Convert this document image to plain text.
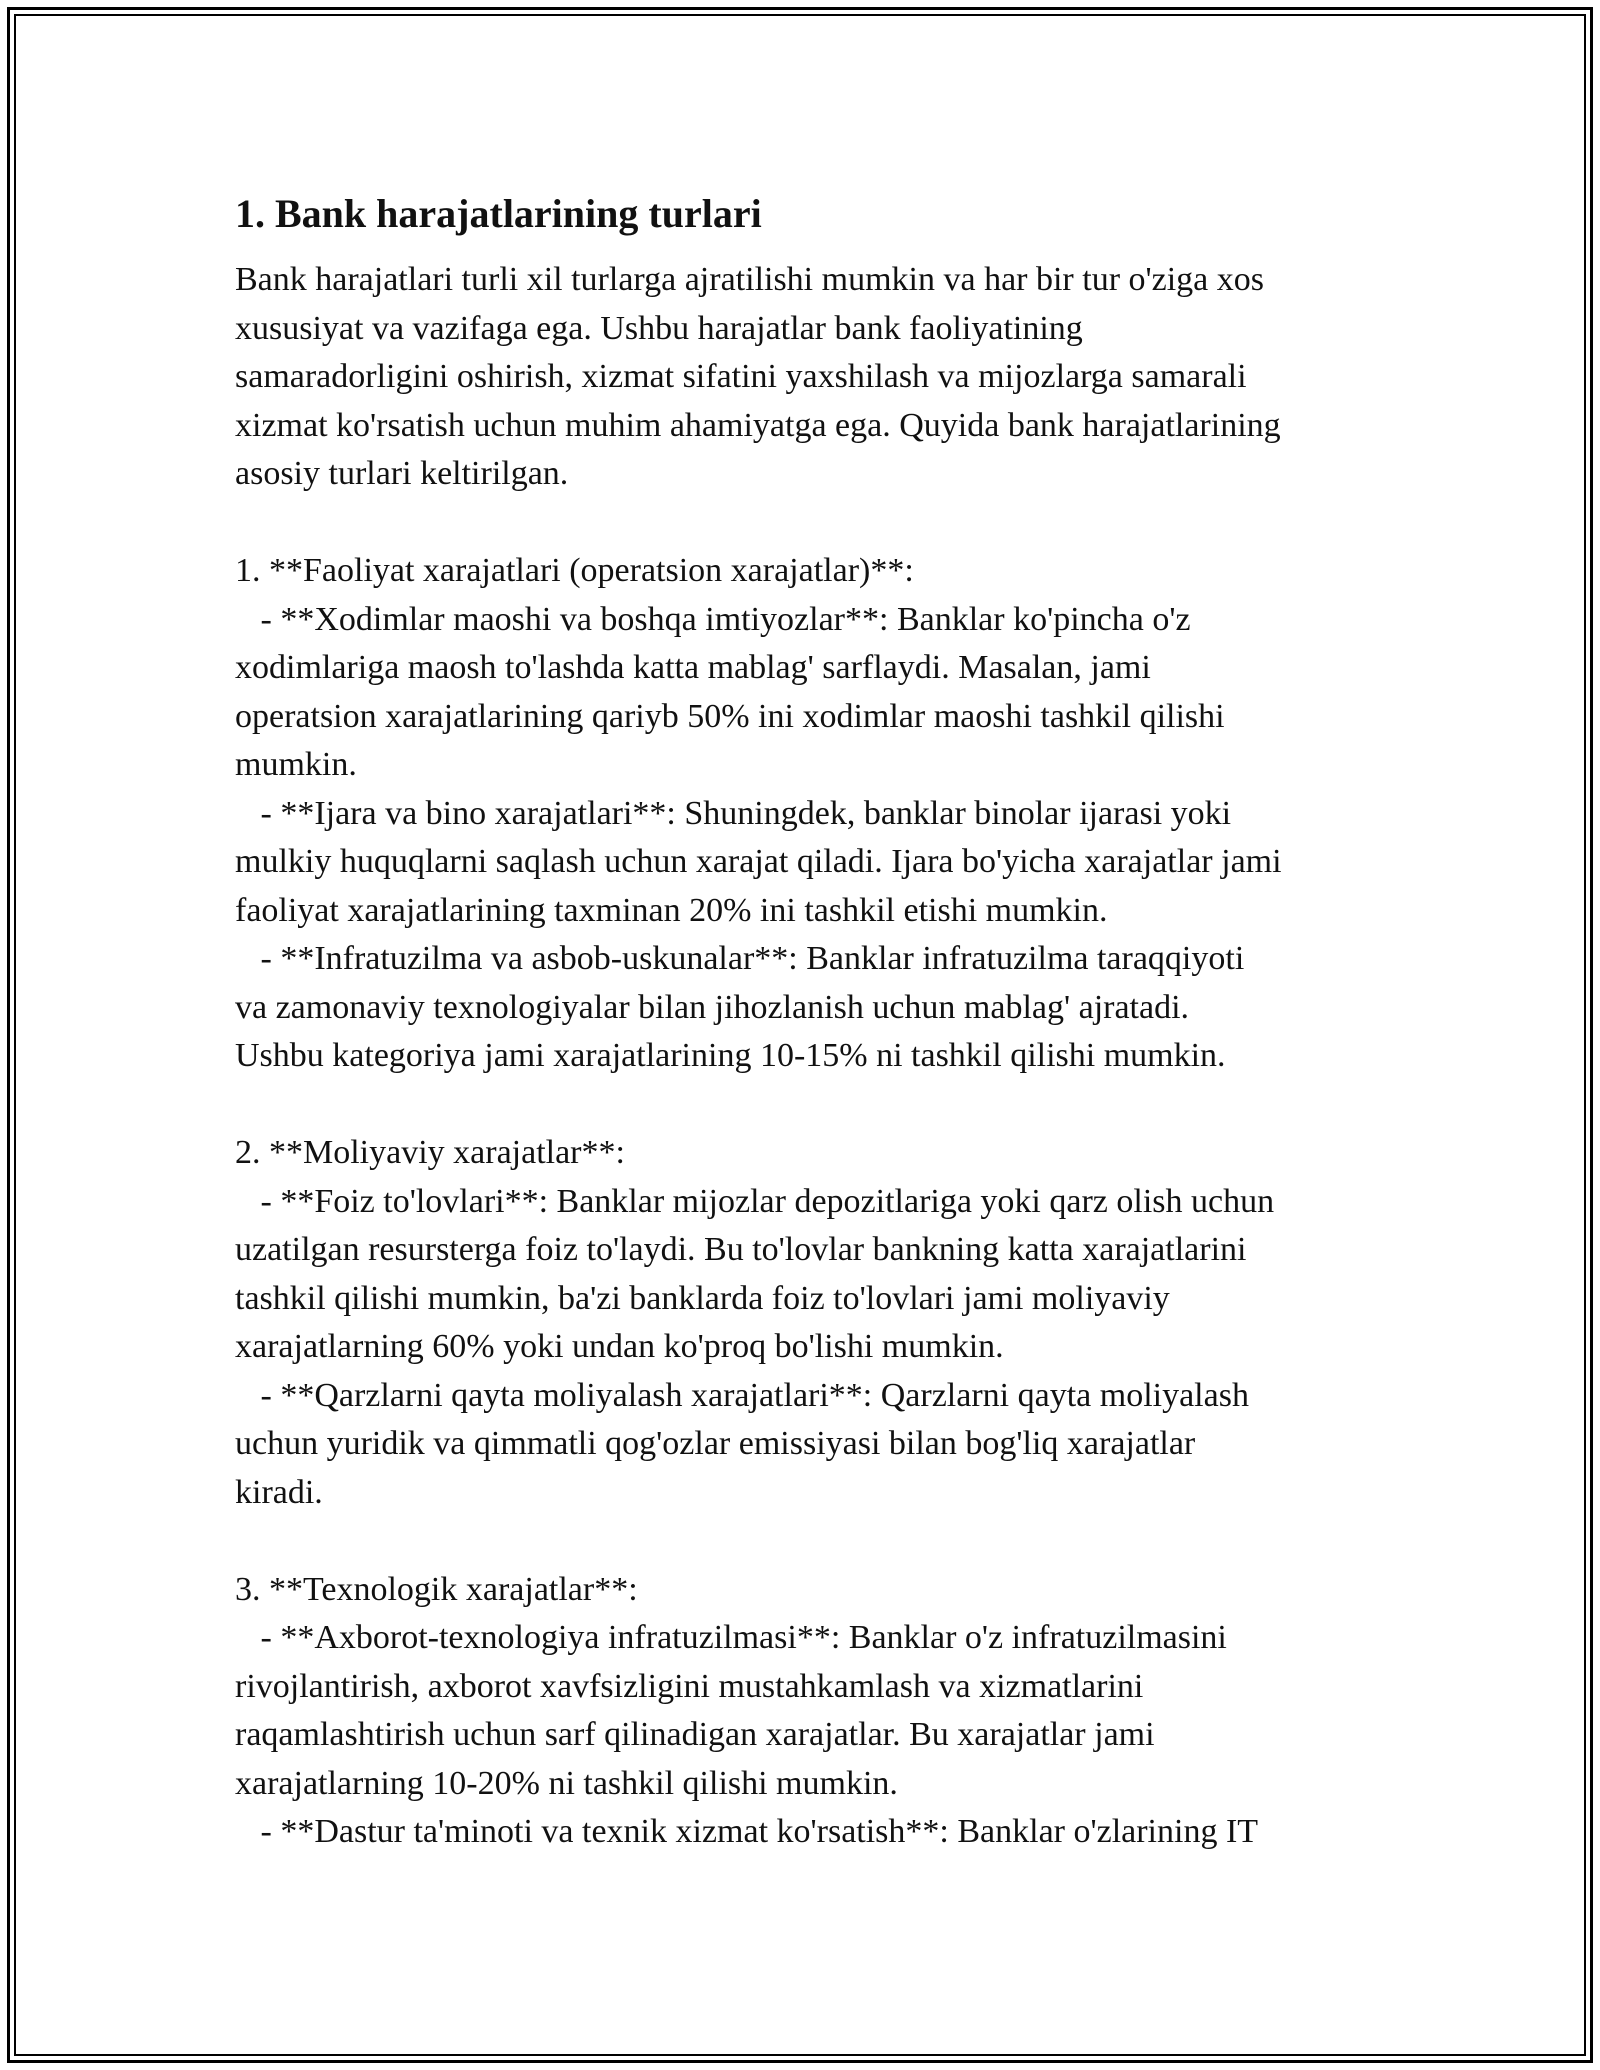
1. Bank harajatlarining turlari
Bank harajatlari turli xil turlarga ajratilishi mumkin va har bir tur o'ziga xos
xususiyat va vazifaga ega. Ushbu harajatlar bank faoliyatining
samaradorligini oshirish, xizmat sifatini yaxshilash va mijozlarga samarali
xizmat ko'rsatish uchun muhim ahamiyatga ega. Quyida bank harajatlarining
asosiy turlari keltirilgan.
1. **Faoliyat xarajatlari (operatsion xarajatlar)**:
- **Xodimlar maoshi va boshqa imtiyozlar**: Banklar ko'pincha o'z
xodimlariga maosh to'lashda katta mablag' sarflaydi. Masalan, jami
operatsion xarajatlarining qariyb 50% ini xodimlar maoshi tashkil qilishi
mumkin.
- **Ijara va bino xarajatlari**: Shuningdek, banklar binolar ijarasi yoki
mulkiy huquqlarni saqlash uchun xarajat qiladi. Ijara bo'yicha xarajatlar jami
faoliyat xarajatlarining taxminan 20% ini tashkil etishi mumkin.
- **Infratuzilma va asbob-uskunalar**: Banklar infratuzilma taraqqiyoti
va zamonaviy texnologiyalar bilan jihozlanish uchun mablag' ajratadi.
Ushbu kategoriya jami xarajatlarining 10-15% ni tashkil qilishi mumkin.
2. **Moliyaviy xarajatlar**:
- **Foiz to'lovlari**: Banklar mijozlar depozitlariga yoki qarz olish uchun
uzatilgan resursterga foiz to'laydi. Bu to'lovlar bankning katta xarajatlarini
tashkil qilishi mumkin, ba'zi banklarda foiz to'lovlari jami moliyaviy
xarajatlarning 60% yoki undan ko'proq bo'lishi mumkin.
- **Qarzlarni qayta moliyalash xarajatlari**: Qarzlarni qayta moliyalash
uchun yuridik va qimmatli qog'ozlar emissiyasi bilan bog'liq xarajatlar
kiradi.
3. **Texnologik xarajatlar**:
- **Axborot-texnologiya infratuzilmasi**: Banklar o'z infratuzilmasini
rivojlantirish, axborot xavfsizligini mustahkamlash va xizmatlarini
raqamlashtirish uchun sarf qilinadigan xarajatlar. Bu xarajatlar jami
xarajatlarning 10-20% ni tashkil qilishi mumkin.
- **Dastur ta'minoti va texnik xizmat ko'rsatish**: Banklar o'zlarining IT
